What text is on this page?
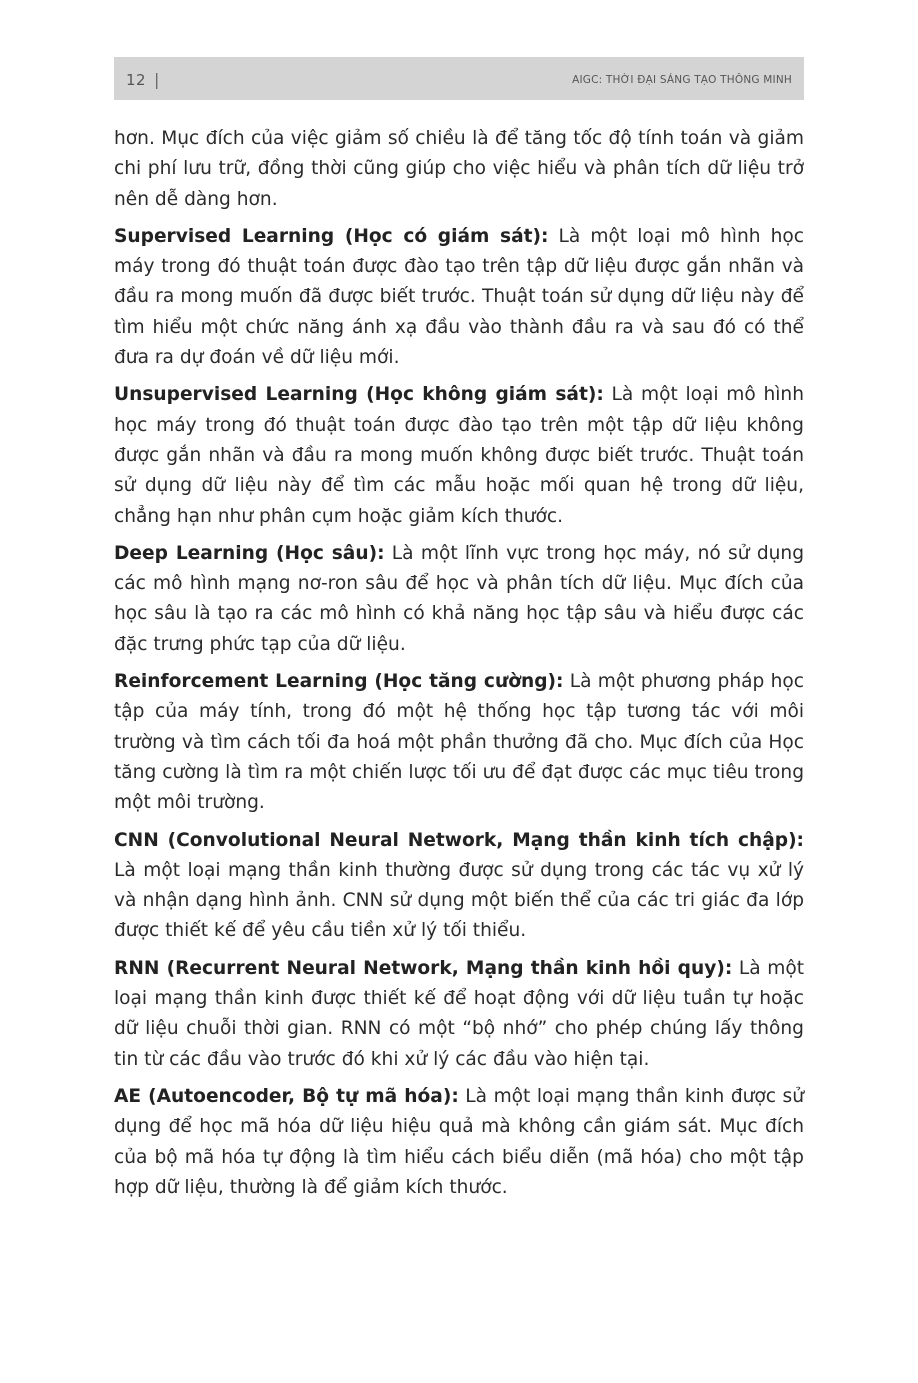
12 |	AIGC: THỜI ĐẠI SÁNG TẠO THÔNG MINH

hơn. Mục đích của việc giảm số chiều là để tăng tốc độ tính toán và giảm chi phí lưu trữ, đồng thời cũng giúp cho việc hiểu và phân tích dữ liệu trở nên dễ dàng hơn.

Supervised Learning (Học có giám sát): Là một loại mô hình học máy trong đó thuật toán được đào tạo trên tập dữ liệu được gắn nhãn và đầu ra mong muốn đã được biết trước. Thuật toán sử dụng dữ liệu này để tìm hiểu một chức năng ánh xạ đầu vào thành đầu ra và sau đó có thể đưa ra dự đoán về dữ liệu mới.

Unsupervised Learning (Học không giám sát): Là một loại mô hình học máy trong đó thuật toán được đào tạo trên một tập dữ liệu không được gắn nhãn và đầu ra mong muốn không được biết trước. Thuật toán sử dụng dữ liệu này để tìm các mẫu hoặc mối quan hệ trong dữ liệu, chẳng hạn như phân cụm hoặc giảm kích thước.

Deep Learning (Học sâu): Là một lĩnh vực trong học máy, nó sử dụng các mô hình mạng nơ-ron sâu để học và phân tích dữ liệu. Mục đích của học sâu là tạo ra các mô hình có khả năng học tập sâu và hiểu được các đặc trưng phức tạp của dữ liệu.

Reinforcement Learning (Học tăng cường): Là một phương pháp học tập của máy tính, trong đó một hệ thống học tập tương tác với môi trường và tìm cách tối đa hoá một phần thưởng đã cho. Mục đích của Học tăng cường là tìm ra một chiến lược tối ưu để đạt được các mục tiêu trong một môi trường.

CNN (Convolutional Neural Network, Mạng thần kinh tích chập): Là một loại mạng thần kinh thường được sử dụng trong các tác vụ xử lý và nhận dạng hình ảnh. CNN sử dụng một biến thể của các tri giác đa lớp được thiết kế để yêu cầu tiền xử lý tối thiểu.

RNN (Recurrent Neural Network, Mạng thần kinh hồi quy): Là một loại mạng thần kinh được thiết kế để hoạt động với dữ liệu tuần tự hoặc dữ liệu chuỗi thời gian. RNN có một “bộ nhớ” cho phép chúng lấy thông tin từ các đầu vào trước đó khi xử lý các đầu vào hiện tại.

AE (Autoencoder, Bộ tự mã hóa): Là một loại mạng thần kinh được sử dụng để học mã hóa dữ liệu hiệu quả mà không cần giám sát. Mục đích của bộ mã hóa tự động là tìm hiểu cách biểu diễn (mã hóa) cho một tập hợp dữ liệu, thường là để giảm kích thước.
